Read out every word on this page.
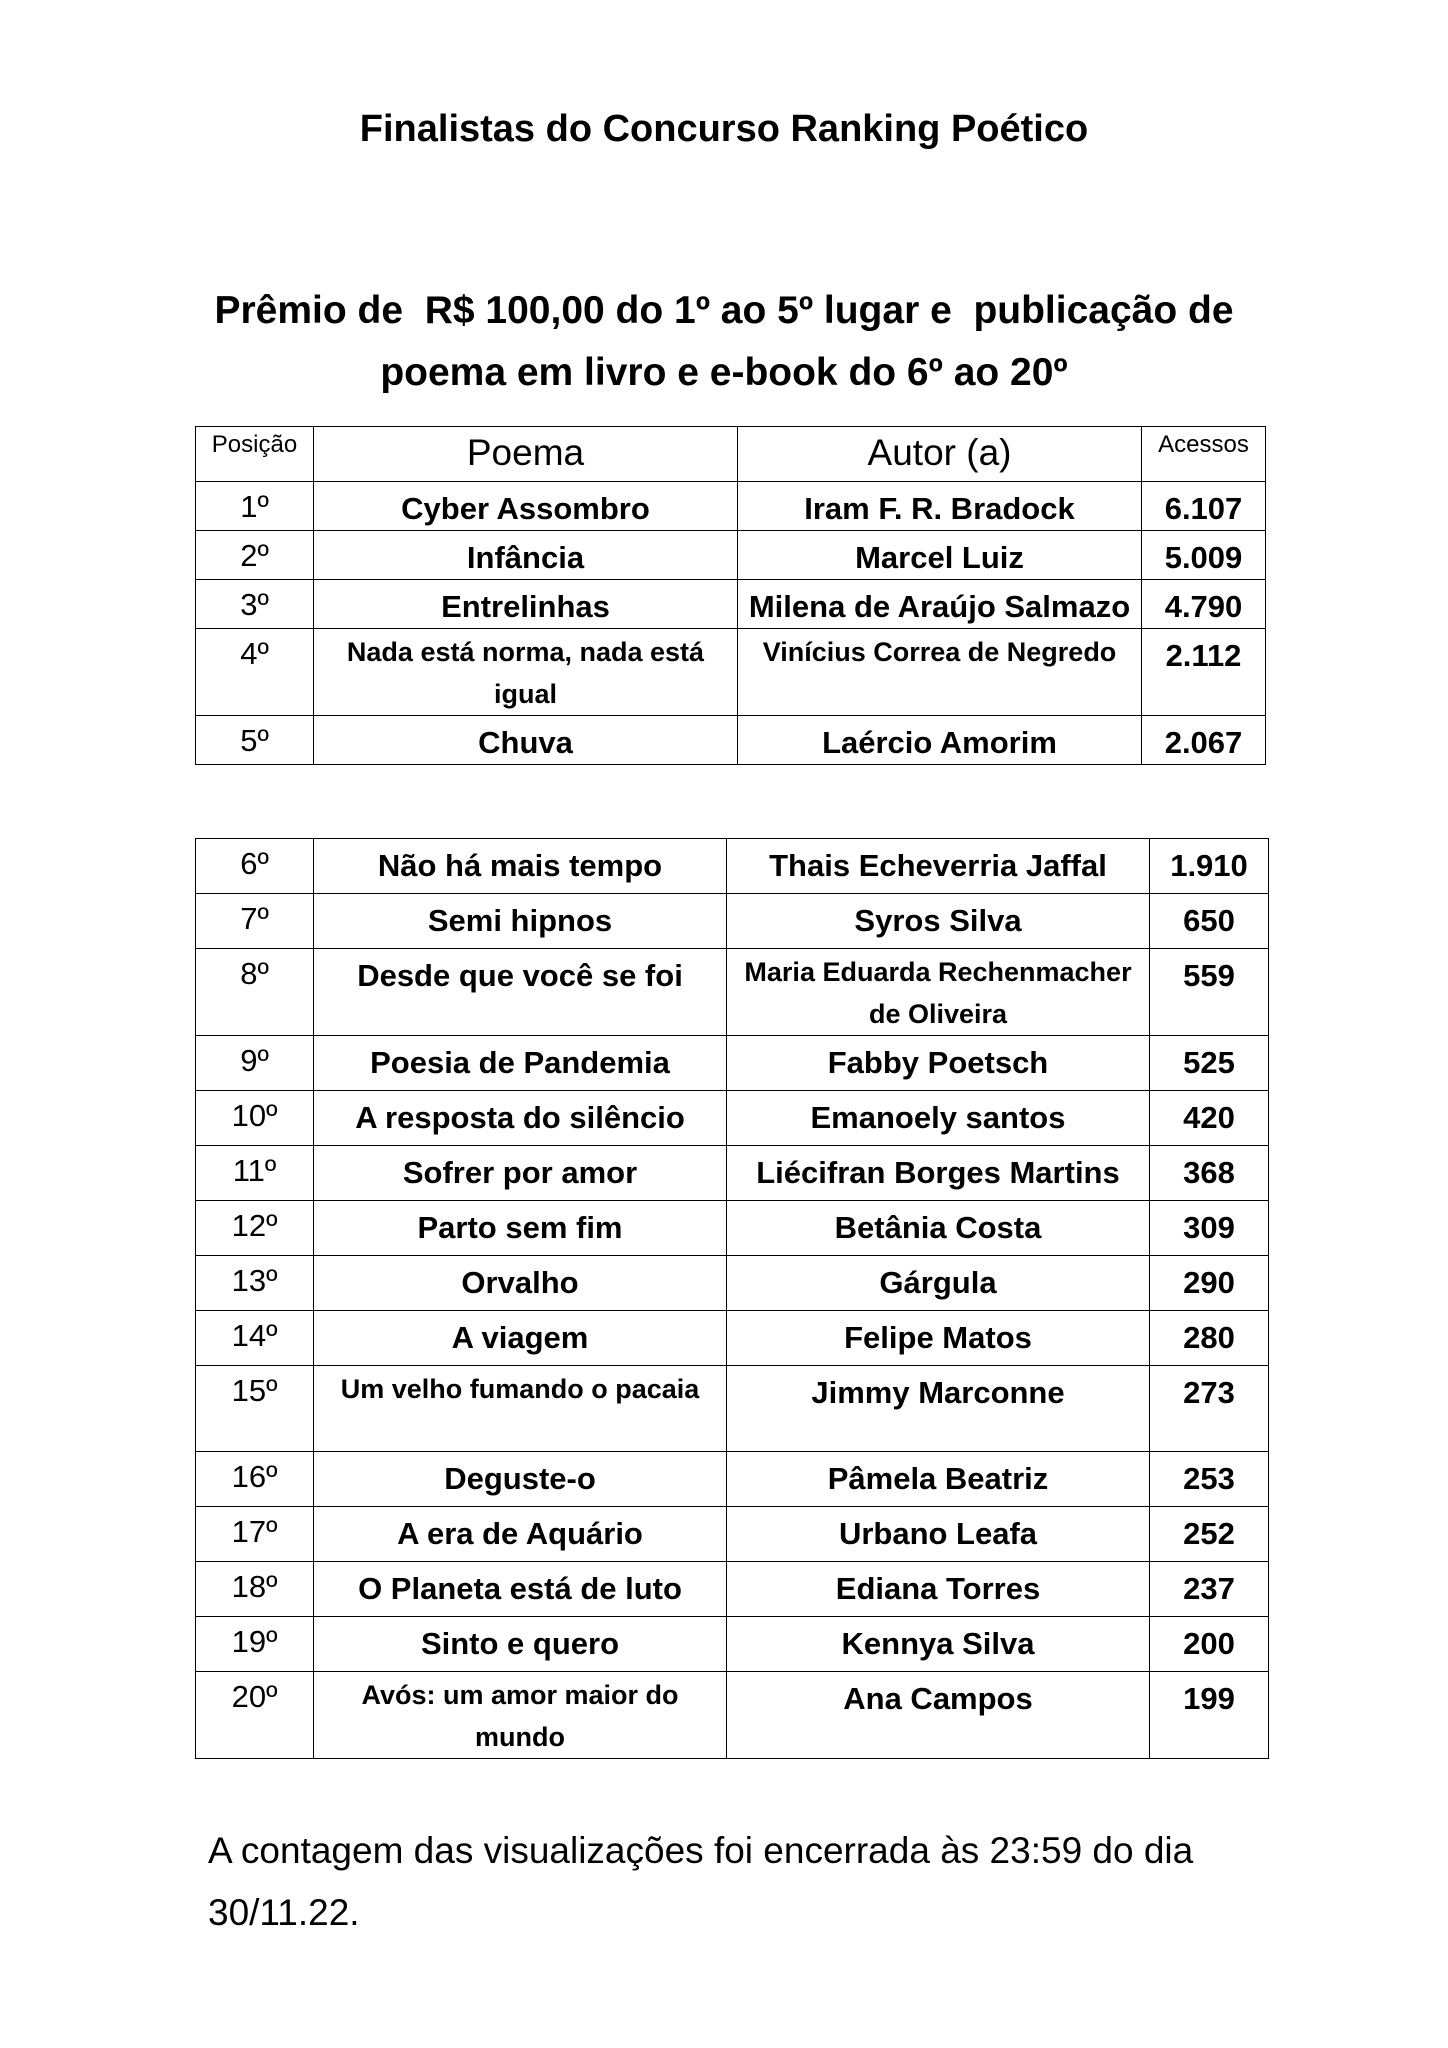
Finalistas do Concurso Ranking Poético
Prêmio de  R$ 100,00 do 1º ao 5º lugar e  publicação de
poema em livro e e-book do 6º ao 20º
Posição	Poema	Autor (a)	Acessos
1º	Cyber Assombro	Iram F. R. Bradock	6.107
2º	Infância	Marcel Luiz	5.009
3º	Entrelinhas	Milena de Araújo Salmazo	4.790
4º	Nada está norma, nada está igual	Vinícius Correa de Negredo	2.112
5º	Chuva	Laércio Amorim	2.067
6º	Não há mais tempo	Thais Echeverria Jaffal	1.910
7º	Semi hipnos	Syros Silva	650
8º	Desde que você se foi	Maria Eduarda Rechenmacher de Oliveira	559
9º	Poesia de Pandemia	Fabby Poetsch	525
10º	A resposta do silêncio	Emanoely santos	420
11º	Sofrer por amor	Liécifran Borges Martins	368
12º	Parto sem fim	Betânia Costa	309
13º	Orvalho	Gárgula	290
14º	A viagem	Felipe Matos	280
15º	Um velho fumando o pacaia	Jimmy Marconne	273
16º	Deguste-o	Pâmela Beatriz	253
17º	A era de Aquário	Urbano Leafa	252
18º	O Planeta está de luto	Ediana Torres	237
19º	Sinto e quero	Kennya Silva	200
20º	Avós: um amor maior do mundo	Ana Campos	199

A contagem das visualizações foi encerrada às 23:59 do dia 30/11.22.
